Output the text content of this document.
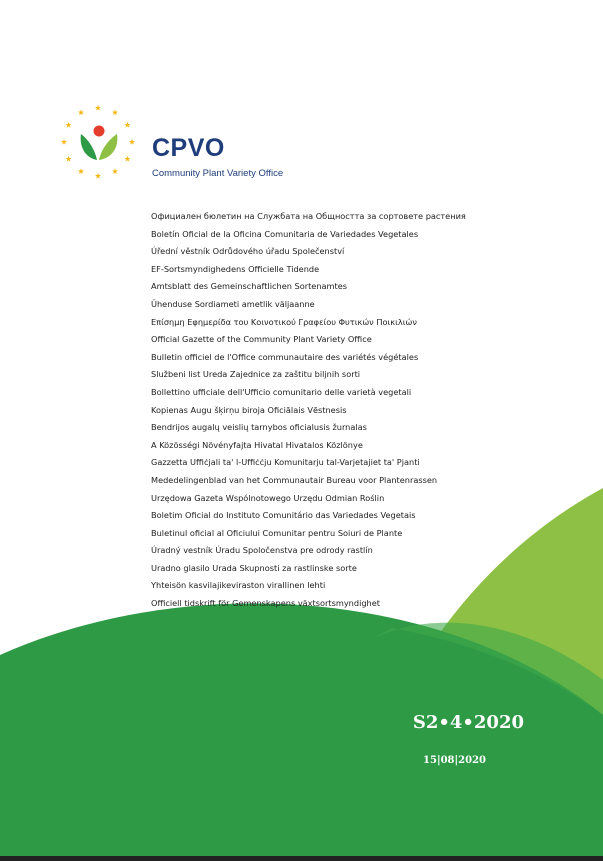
CPVO
Community Plant Variety Office
Официален бюлетин на Службата на Общността за сортовете растения
Boletín Oficial de la Oficina Comunitaria de Variedades Vegetales
Úřední věstník Odrůdového úřadu Společenství
EF-Sortsmyndighedens Officielle Tidende
Amtsblatt des Gemeinschaftlichen Sortenamtes
Ühenduse Sordiameti ametlik väljaanne
Επίσημη Εφημερίδα του Κοινοτικού Γραφείου Φυτικών Ποικιλιών
Official Gazette of the Community Plant Variety Office
Bulletin officiel de l'Office communautaire des variétés végétales
Službeni list Ureda Zajednice za zaštitu biljnih sorti
Bollettino ufficiale dell'Ufficio comunitario delle varietà vegetali
Kopienas Augu šķirņu biroja Oficiālais Vēstnesis
Bendrijos augalų veislių tarnybos oficialusis žurnalas
A Közösségi Növényfajta Hivatal Hivatalos Közlönye
Gazzetta Uffiċjali ta' l-Uffiċċju Komunitarju tal-Varjetajiet ta' Pjanti
Mededelingenblad van het Communautair Bureau voor Plantenrassen
Urzędowa Gazeta Wspólnotowego Urzędu Odmian Roślin
Boletim Oficial do Instituto Comunitário das Variedades Vegetais
Buletinul oficial al Oficiului Comunitar pentru Soiuri de Plante
Úradný vestník Úradu Spoločenstva pre odrody rastlín
Uradno glasilo Urada Skupnosti za rastlinske sorte
Yhteisön kasvilajikeviraston virallinen lehti
Officiell tidskrift för Gemenskapens växtsortsmyndighet
S2•4•2020
15|08|2020
